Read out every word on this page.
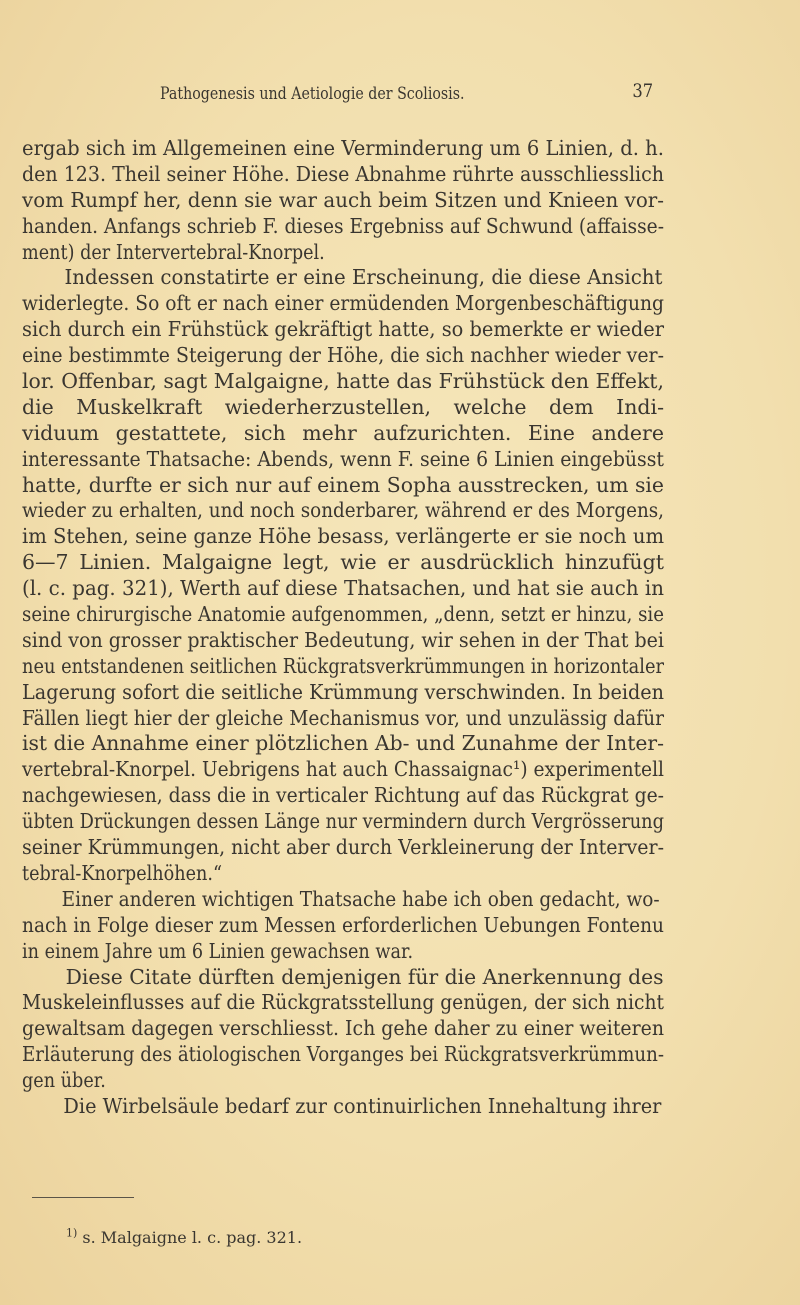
Pathogenesis und Aetiologie der Scoliosis.	37
ergab sich im Allgemeinen eine Verminderung um 6 Linien, d. h.
den 123. Theil seiner Höhe. Diese Abnahme rührte ausschliesslich
vom Rumpf her, denn sie war auch beim Sitzen und Knieen vor-
handen. Anfangs schrieb F. dieses Ergebniss auf Schwund (affaisse-
ment) der Intervertebral-Knorpel.
Indessen constatirte er eine Erscheinung, die diese Ansicht
widerlegte. So oft er nach einer ermüdenden Morgenbeschäftigung
sich durch ein Frühstück gekräftigt hatte, so bemerkte er wieder
eine bestimmte Steigerung der Höhe, die sich nachher wieder ver-
lor. Offenbar, sagt Malgaigne, hatte das Frühstück den Effekt,
die Muskelkraft wiederherzustellen, welche dem Indi-
viduum gestattete, sich mehr aufzurichten. Eine andere
interessante Thatsache: Abends, wenn F. seine 6 Linien eingebüsst
hatte, durfte er sich nur auf einem Sopha ausstrecken, um sie
wieder zu erhalten, und noch sonderbarer, während er des Morgens,
im Stehen, seine ganze Höhe besass, verlängerte er sie noch um
6—7 Linien. Malgaigne legt, wie er ausdrücklich hinzufügt
(l. c. pag. 321), Werth auf diese Thatsachen, und hat sie auch in
seine chirurgische Anatomie aufgenommen, „denn, setzt er hinzu, sie
sind von grosser praktischer Bedeutung, wir sehen in der That bei
neu entstandenen seitlichen Rückgratsverkrümmungen in horizontaler
Lagerung sofort die seitliche Krümmung verschwinden. In beiden
Fällen liegt hier der gleiche Mechanismus vor, und unzulässig dafür
ist die Annahme einer plötzlichen Ab- und Zunahme der Inter-
vertebral-Knorpel. Uebrigens hat auch Chassaignac¹) experimentell
nachgewiesen, dass die in verticaler Richtung auf das Rückgrat ge-
übten Drückungen dessen Länge nur vermindern durch Vergrösserung
seiner Krümmungen, nicht aber durch Verkleinerung der Interver-
tebral-Knorpelhöhen.“
Einer anderen wichtigen Thatsache habe ich oben gedacht, wo-
nach in Folge dieser zum Messen erforderlichen Uebungen Fontenu
in einem Jahre um 6 Linien gewachsen war.
Diese Citate dürften demjenigen für die Anerkennung des
Muskeleinflusses auf die Rückgratsstellung genügen, der sich nicht
gewaltsam dagegen verschliesst. Ich gehe daher zu einer weiteren
Erläuterung des ätiologischen Vorganges bei Rückgratsverkrümmun-
gen über.
Die Wirbelsäule bedarf zur continuirlichen Innehaltung ihrer
$^{1)}$ s. Malgaigne l. c. pag. 321.
